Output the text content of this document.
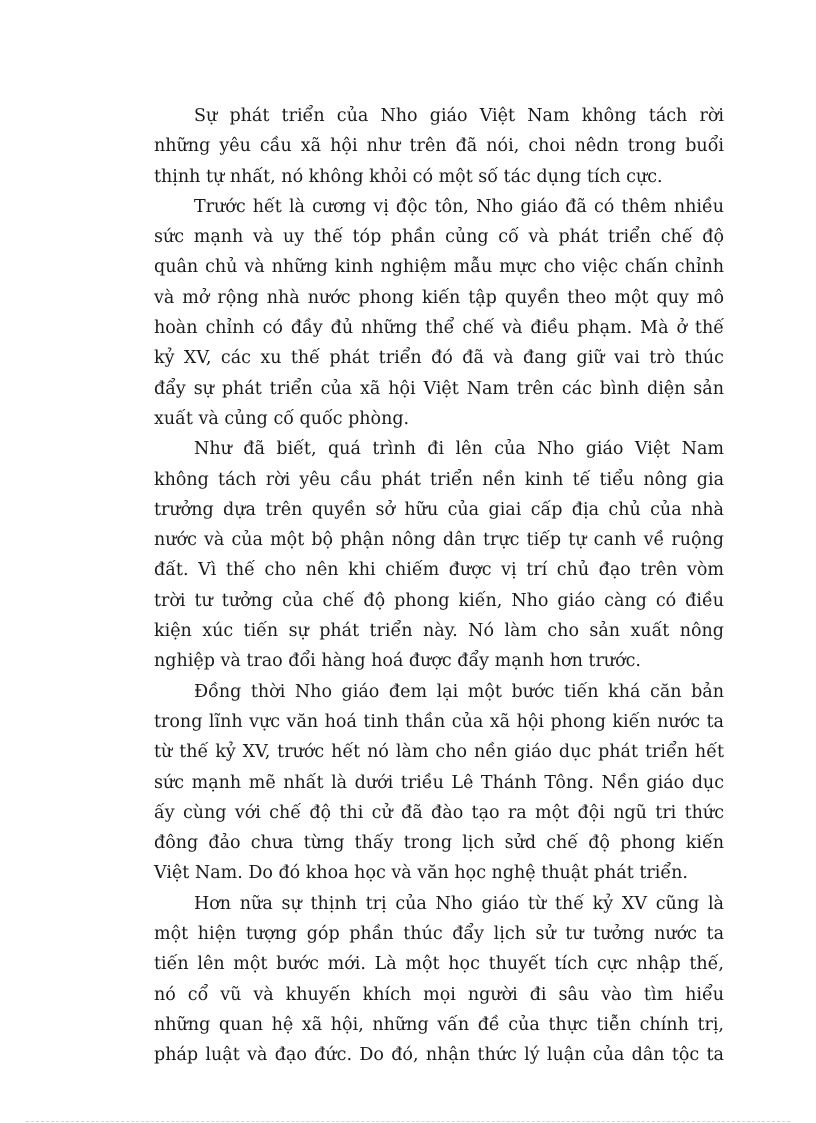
Sự phát triển của Nho giáo Việt Nam không tách rời
những yêu cầu xã hội như trên đã nói, choi nêdn trong buổi
thịnh tự nhất, nó không khỏi có một số tác dụng tích cực.

Trước hết là cương vị độc tôn, Nho giáo đã có thêm nhiều
sức mạnh và uy thế tóp phần củng cố và phát triển chế độ
quân chủ và những kinh nghiệm mẫu mực cho việc chấn chỉnh
và mở rộng nhà nước phong kiến tập quyền theo một quy mô
hoàn chỉnh có đầy đủ những thể chế và điều phạm. Mà ở thế
kỷ XV, các xu thế phát triển đó đã và đang giữ vai trò thúc
đẩy sự phát triển của xã hội Việt Nam trên các bình diện sản
xuất và củng cố quốc phòng.

Như đã biết, quá trình đi lên của Nho giáo Việt Nam
không tách rời yêu cầu phát triển nền kinh tế tiểu nông gia
trưởng dựa trên quyền sở hữu của giai cấp địa chủ của nhà
nước và của một bộ phận nông dân trực tiếp tự canh về ruộng
đất. Vì thế cho nên khi chiếm được vị trí chủ đạo trên vòm
trời tư tưởng của chế độ phong kiến, Nho giáo càng có điều
kiện xúc tiến sự phát triển này. Nó làm cho sản xuất nông
nghiệp và trao đổi hàng hoá được đẩy mạnh hơn trước.

Đồng thời Nho giáo đem lại một bước tiến khá căn bản
trong lĩnh vực văn hoá tinh thần của xã hội phong kiến nước ta
từ thế kỷ XV, trước hết nó làm cho nền giáo dục phát triển hết
sức mạnh mẽ nhất là dưới triều Lê Thánh Tông. Nền giáo dục
ấy cùng với chế độ thi cử đã đào tạo ra một đội ngũ tri thức
đông đảo chưa từng thấy trong lịch sửd chế độ phong kiến
Việt Nam. Do đó khoa học và văn học nghệ thuật phát triển.

Hơn nữa sự thịnh trị của Nho giáo từ thế kỷ XV cũng là
một hiện tượng góp phần thúc đẩy lịch sử tư tưởng nước ta
tiến lên một bước mới. Là một học thuyết tích cực nhập thế,
nó cổ vũ và khuyến khích mọi người đi sâu vào tìm hiểu
những quan hệ xã hội, những vấn đề của thực tiễn chính trị,
pháp luật và đạo đức. Do đó, nhận thức lý luận của dân tộc ta
